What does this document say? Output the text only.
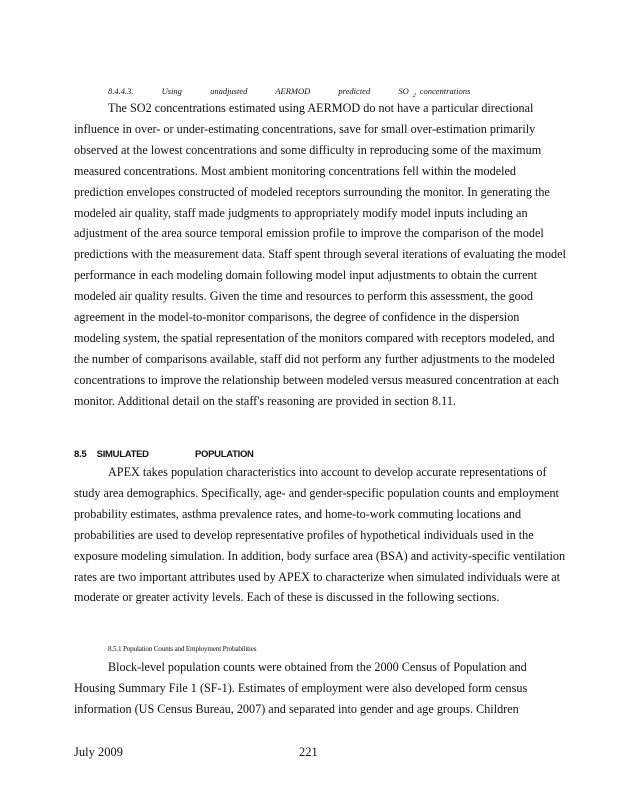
8.4.4.3.	Using	unadjusted	AERMOD	predicted	SO $_2$ concentrations

The SO2 concentrations estimated using AERMOD do not have a particular directional influence in over- or under-estimating concentrations, save for small over-estimation primarily observed at the lowest concentrations and some difficulty in reproducing some of the maximum measured concentrations. Most ambient monitoring concentrations fell within the modeled prediction envelopes constructed of modeled receptors surrounding the monitor. In generating the modeled air quality, staff made judgments to appropriately modify model inputs including an adjustment of the area source temporal emission profile to improve the comparison of the model predictions with the measurement data. Staff spent through several iterations of evaluating the model performance in each modeling domain following model input adjustments to obtain the current modeled air quality results. Given the time and resources to perform this assessment, the good agreement in the model-to-monitor comparisons, the degree of confidence in the dispersion modeling system, the spatial representation of the monitors compared with receptors modeled, and the number of comparisons available, staff did not perform any further adjustments to the modeled concentrations to improve the relationship between modeled versus measured concentration at each monitor. Additional detail on the staff's reasoning are provided in section 8.11.

8.5 SIMULATED	POPULATION

APEX takes population characteristics into account to develop accurate representations of study area demographics. Specifically, age- and gender-specific population counts and employment probability estimates, asthma prevalence rates, and home-to-work commuting locations and probabilities are used to develop representative profiles of hypothetical individuals used in the exposure modeling simulation. In addition, body surface area (BSA) and activity-specific ventilation rates are two important attributes used by APEX to characterize when simulated individuals were at moderate or greater activity levels. Each of these is discussed in the following sections.

8.5.1 Population Counts and Employment Probabilities

Block-level population counts were obtained from the 2000 Census of Population and Housing Summary File 1 (SF-1). Estimates of employment were also developed form census information (US Census Bureau, 2007) and separated into gender and age groups. Children

July 2009	221
